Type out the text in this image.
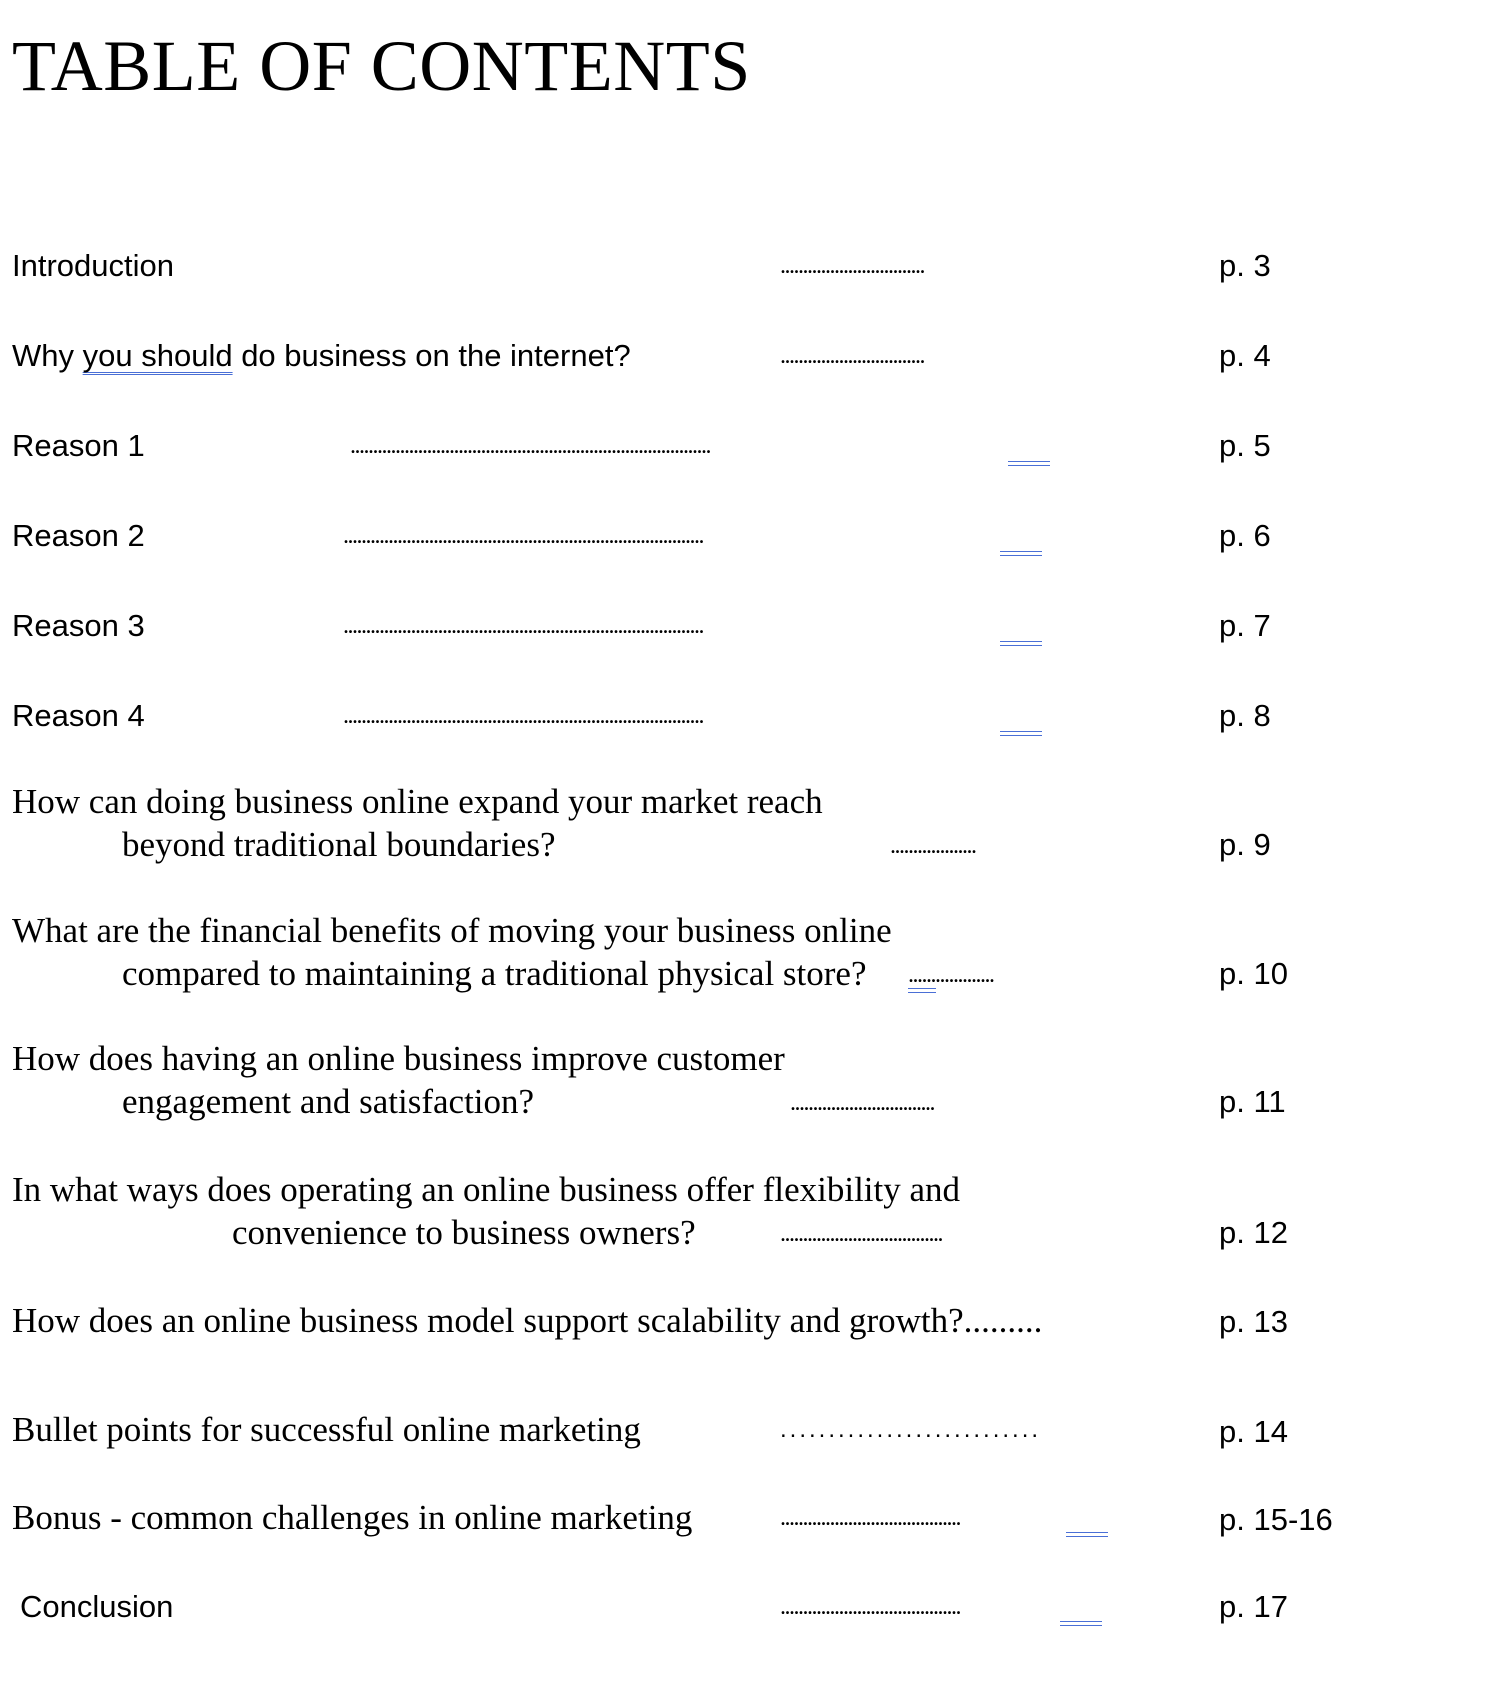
TABLE OF CONTENTS
Introduction	................................	p. 3
Why you should do business on the internet?	................................	p. 4
Reason 1	................................................................................	p. 5
Reason 2	................................................................................	p. 6
Reason 3	................................................................................	p. 7
Reason 4	................................................................................	p. 8
How can doing business online expand your market reach
beyond traditional boundaries?	...................	p. 9
What are the financial benefits of moving your business online
compared to maintaining a traditional physical store? ...................	p. 10
How does having an online business improve customer
engagement and satisfaction?	................................	p. 11
In what ways does operating an online business offer flexibility and
convenience to business owners?	....................................	p. 12
How does an online business model support scalability and growth?.........	p. 13
Bullet points for successful online marketing	...........................	p. 14
Bonus - common challenges in online marketing	........................................	p. 15-16
Conclusion	........................................	p. 17
